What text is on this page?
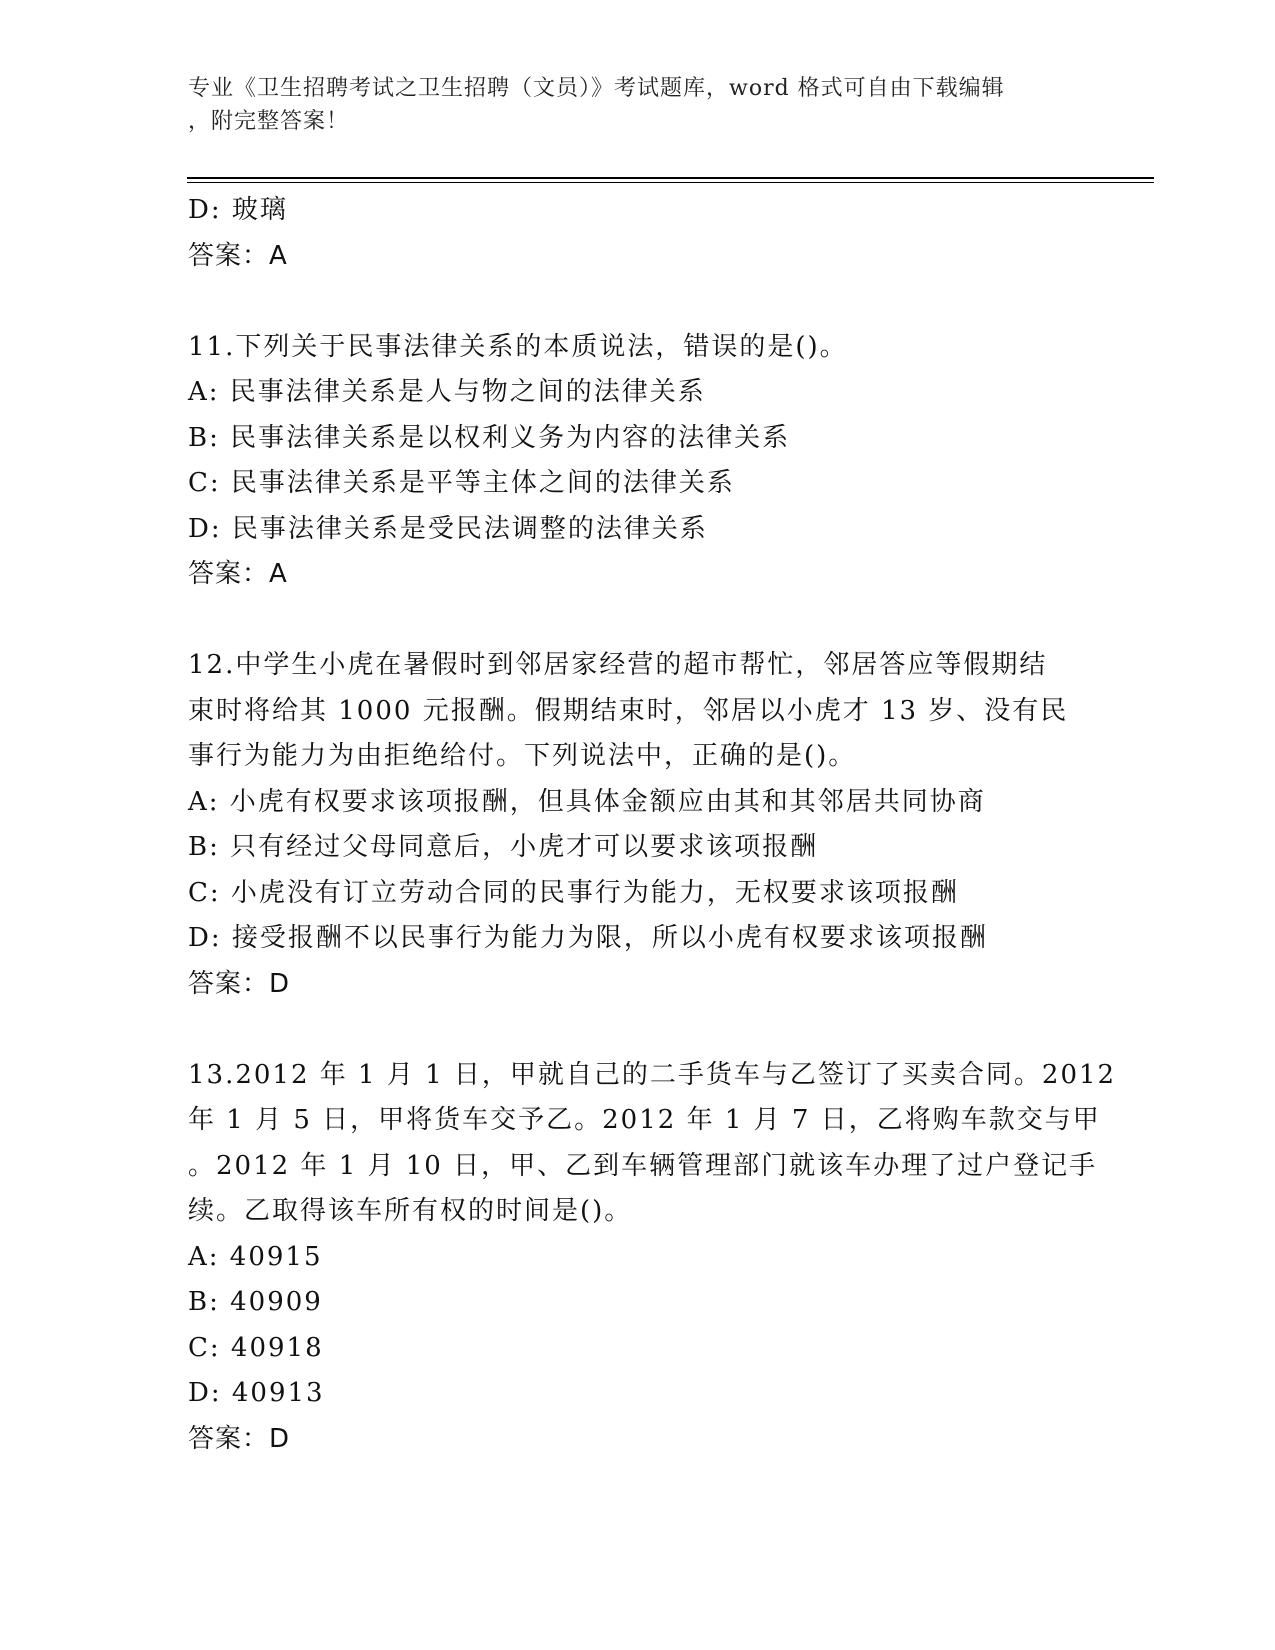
专业《卫生招聘考试之卫生招聘（文员）》考试题库，word 格式可自由下载编辑
，附完整答案！
D: 玻璃
答案：A
11.下列关于民事法律关系的本质说法，错误的是()。
A: 民事法律关系是人与物之间的法律关系
B: 民事法律关系是以权利义务为内容的法律关系
C: 民事法律关系是平等主体之间的法律关系
D: 民事法律关系是受民法调整的法律关系
答案：A
12.中学生小虎在暑假时到邻居家经营的超市帮忙，邻居答应等假期结
束时将给其 1000 元报酬。假期结束时，邻居以小虎才 13 岁、没有民
事行为能力为由拒绝给付。下列说法中，正确的是()。
A: 小虎有权要求该项报酬，但具体金额应由其和其邻居共同协商
B: 只有经过父母同意后，小虎才可以要求该项报酬
C: 小虎没有订立劳动合同的民事行为能力，无权要求该项报酬
D: 接受报酬不以民事行为能力为限，所以小虎有权要求该项报酬
答案：D
13.2012 年 1 月 1 日，甲就自己的二手货车与乙签订了买卖合同。2012
年 1 月 5 日，甲将货车交予乙。2012 年 1 月 7 日，乙将购车款交与甲
。2012 年 1 月 10 日，甲、乙到车辆管理部门就该车办理了过户登记手
续。乙取得该车所有权的时间是()。
A: 40915
B: 40909
C: 40918
D: 40913
答案：D
